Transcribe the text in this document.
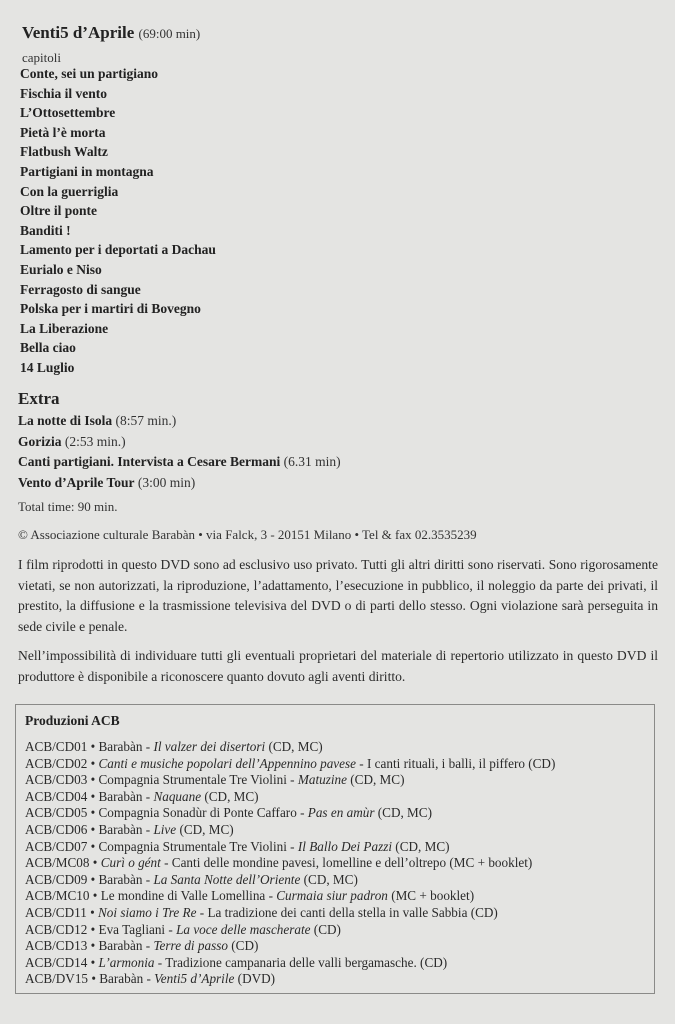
Venti5 d’Aprile (69:00 min)
capitoli
Conte, sei un partigiano
Fischia il vento
L’Ottosettembre
Pietà l’è morta
Flatbush Waltz
Partigiani in montagna
Con la guerriglia
Oltre il ponte
Banditi !
Lamento per i deportati a Dachau
Eurialo e Niso
Ferragosto di sangue
Polska per i martiri di Bovegno
La Liberazione
Bella ciao
14 Luglio
Extra
La notte di Isola (8:57 min.)
Gorizia (2:53 min.)
Canti partigiani. Intervista a Cesare Bermani (6.31 min)
Vento d’Aprile Tour (3:00 min)
Total time: 90 min.
© Associazione culturale Barabàn • via Falck, 3 - 20151 Milano • Tel & fax 02.3535239
I film riprodotti in questo DVD sono ad esclusivo uso privato. Tutti gli altri diritti sono riservati. Sono rigorosamente vietati, se non autorizzati, la riproduzione, l’adattamento, l’esecuzione in pubblico, il noleggio da parte dei privati, il prestito, la diffusione e la trasmissione televisiva del DVD o di parti dello stesso. Ogni violazione sarà perseguita in sede civile e penale.
Nell’impossibilità di individuare tutti gli eventuali proprietari del materiale di repertorio utilizzato in questo DVD il produttore è disponibile a riconoscere quanto dovuto agli aventi diritto.
Produzioni ACB
ACB/CD01 • Barabàn - Il valzer dei disertori (CD, MC)
ACB/CD02 • Canti e musiche popolari dell’Appennino pavese - I canti rituali, i balli, il piffero (CD)
ACB/CD03 • Compagnia Strumentale Tre Violini - Matuzine (CD, MC)
ACB/CD04 • Barabàn - Naquane (CD, MC)
ACB/CD05 • Compagnia Sonadùr di Ponte Caffaro - Pas en amùr (CD, MC)
ACB/CD06 • Barabàn - Live (CD, MC)
ACB/CD07 • Compagnia Strumentale Tre Violini - Il Ballo Dei Pazzi (CD, MC)
ACB/MC08 • Curì o gént - Canti delle mondine pavesi, lomelline e dell’oltrepo (MC + booklet)
ACB/CD09 • Barabàn - La Santa Notte dell’Oriente (CD, MC)
ACB/MC10 • Le mondine di Valle Lomellina - Curmaia siur padron (MC + booklet)
ACB/CD11 • Noi siamo i Tre Re - La tradizione dei canti della stella in valle Sabbia (CD)
ACB/CD12 • Eva Tagliani - La voce delle mascherate (CD)
ACB/CD13 • Barabàn - Terre di passo (CD)
ACB/CD14 • L’armonia - Tradizione campanaria delle valli bergamasche. (CD)
ACB/DV15 • Barabàn - Venti5 d’Aprile (DVD)
